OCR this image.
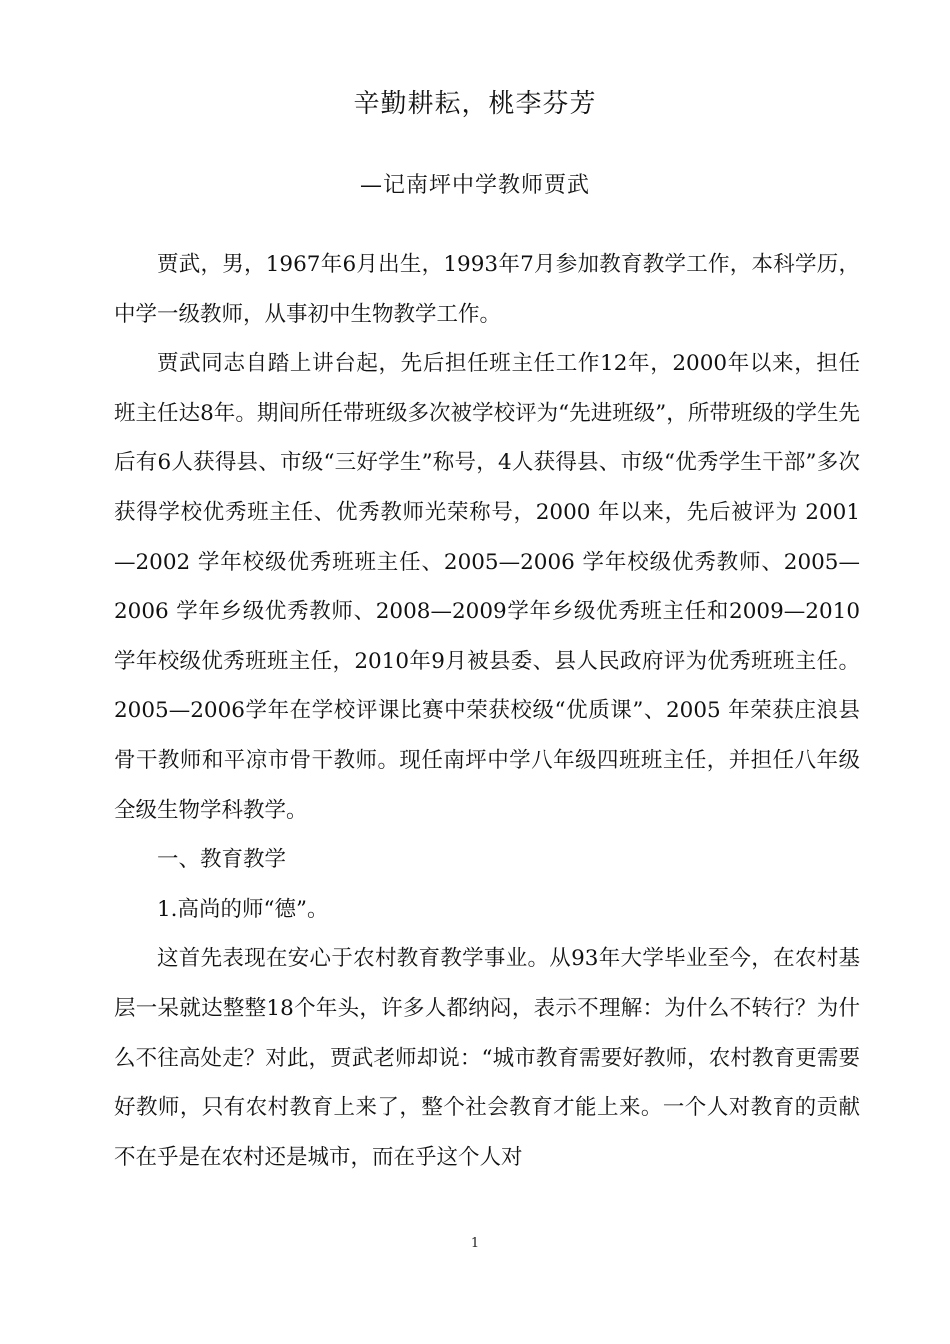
辛勤耕耘，桃李芬芳
—记南坪中学教师贾武

贾武，男，1967年6月出生，1993年7月参加教育教学工作，本科学历，中学一级教师，从事初中生物教学工作。

贾武同志自踏上讲台起，先后担任班主任工作12年，2000年以来，担任班主任达8年。期间所任带班级多次被学校评为“先进班级”，所带班级的学生先后有6人获得县、市级“三好学生”称号，4人获得县、市级“优秀学生干部”多次获得学校优秀班主任、优秀教师光荣称号，2000 年以来，先后被评为 2001—2002 学年校级优秀班班主任、2005—2006 学年校级优秀教师、2005—2006 学年乡级优秀教师、2008—2009学年乡级优秀班主任和2009—2010学年校级优秀班班主任，2010年9月被县委、县人民政府评为优秀班班主任。2005—2006学年在学校评课比赛中荣获校级“优质课”、2005 年荣获庄浪县骨干教师和平凉市骨干教师。现任南坪中学八年级四班班主任，并担任八年级全级生物学科教学。

一、教育教学

1.高尚的师“德”。

这首先表现在安心于农村教育教学事业。从93年大学毕业至今，在农村基层一呆就达整整18个年头，许多人都纳闷，表示不理解：为什么不转行？为什么不往高处走？对此，贾武老师却说：“城市教育需要好教师，农村教育更需要好教师，只有农村教育上来了，整个社会教育才能上来。一个人对教育的贡献不在乎是在农村还是城市，而在乎这个人对

1
